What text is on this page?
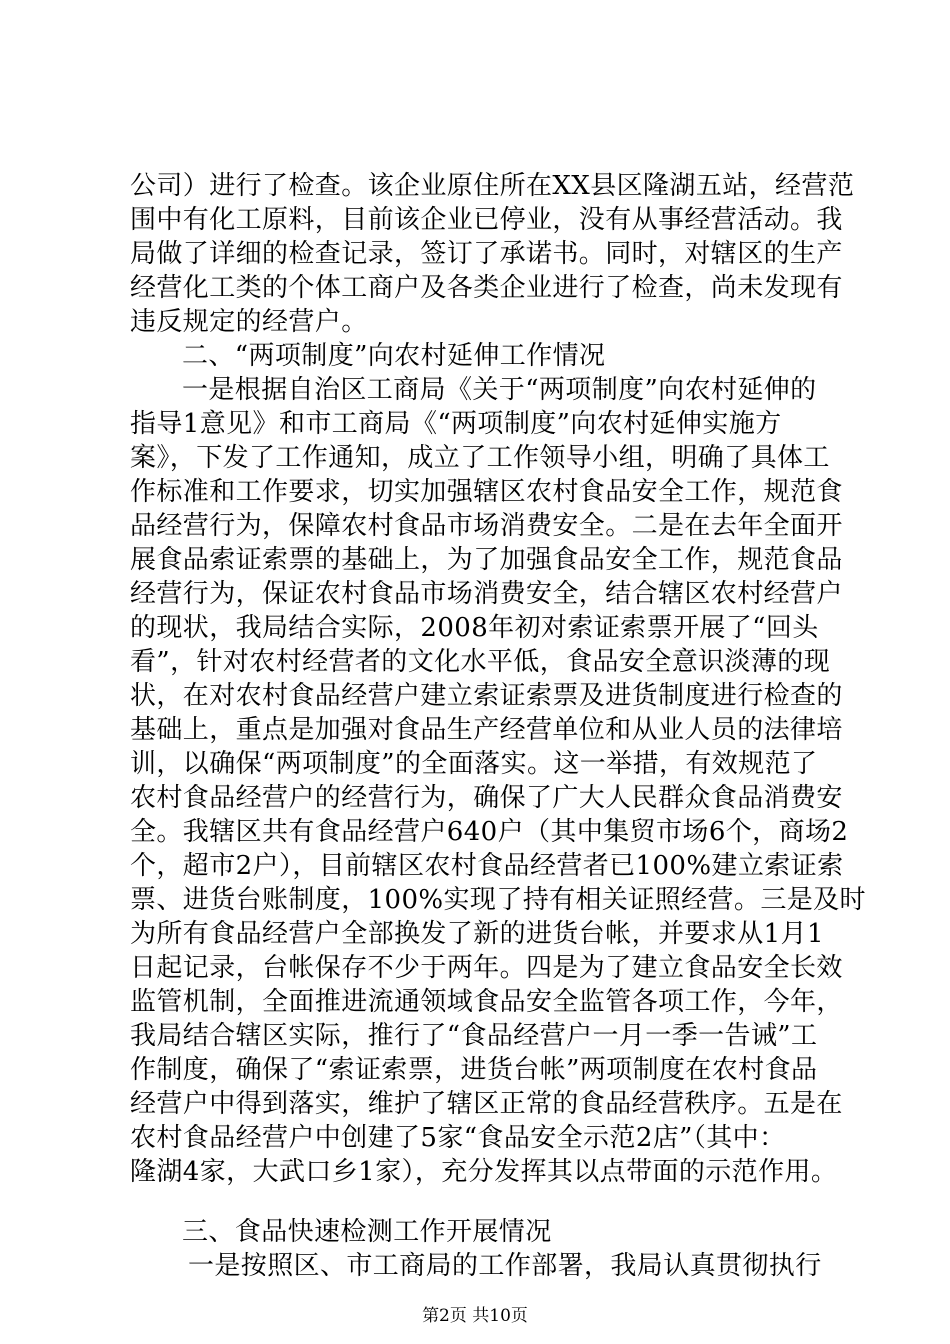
公司）进行了检查。该企业原住所在XX县区隆湖五站，经营范
围中有化工原料，目前该企业已停业，没有从事经营活动。我
局做了详细的检查记录，签订了承诺书。同时，对辖区的生产
经营化工类的个体工商户及各类企业进行了检查，尚未发现有
违反规定的经营户。
二、“两项制度”向农村延伸工作情况
一是根据自治区工商局《关于“两项制度”向农村延伸的
指导1意见》和市工商局《“两项制度”向农村延伸实施方
案》，下发了工作通知，成立了工作领导小组，明确了具体工
作标准和工作要求，切实加强辖区农村食品安全工作，规范食
品经营行为，保障农村食品市场消费安全。二是在去年全面开
展食品索证索票的基础上，为了加强食品安全工作，规范食品
经营行为，保证农村食品市场消费安全，结合辖区农村经营户
的现状，我局结合实际，2008年初对索证索票开展了“回头
看”，针对农村经营者的文化水平低，食品安全意识淡薄的现
状，在对农村食品经营户建立索证索票及进货制度进行检查的
基础上，重点是加强对食品生产经营单位和从业人员的法律培
训，以确保“两项制度”的全面落实。这一举措，有效规范了
农村食品经营户的经营行为，确保了广大人民群众食品消费安
全。我辖区共有食品经营户640户（其中集贸市场6个，商场2
个，超市2户），目前辖区农村食品经营者已100%建立索证索
票、进货台账制度，100%实现了持有相关证照经营。三是及时
为所有食品经营户全部换发了新的进货台帐，并要求从1月1
日起记录，台帐保存不少于两年。四是为了建立食品安全长效
监管机制，全面推进流通领域食品安全监管各项工作，今年，
我局结合辖区实际，推行了“食品经营户一月一季一告诫”工
作制度，确保了“索证索票，进货台帐”两项制度在农村食品
经营户中得到落实，维护了辖区正常的食品经营秩序。五是在
农村食品经营户中创建了5家“食品安全示范2店”（其中：
隆湖4家，大武口乡1家），充分发挥其以点带面的示范作用。
三、食品快速检测工作开展情况
一是按照区、市工商局的工作部署，我局认真贯彻执行
第2页 共10页
